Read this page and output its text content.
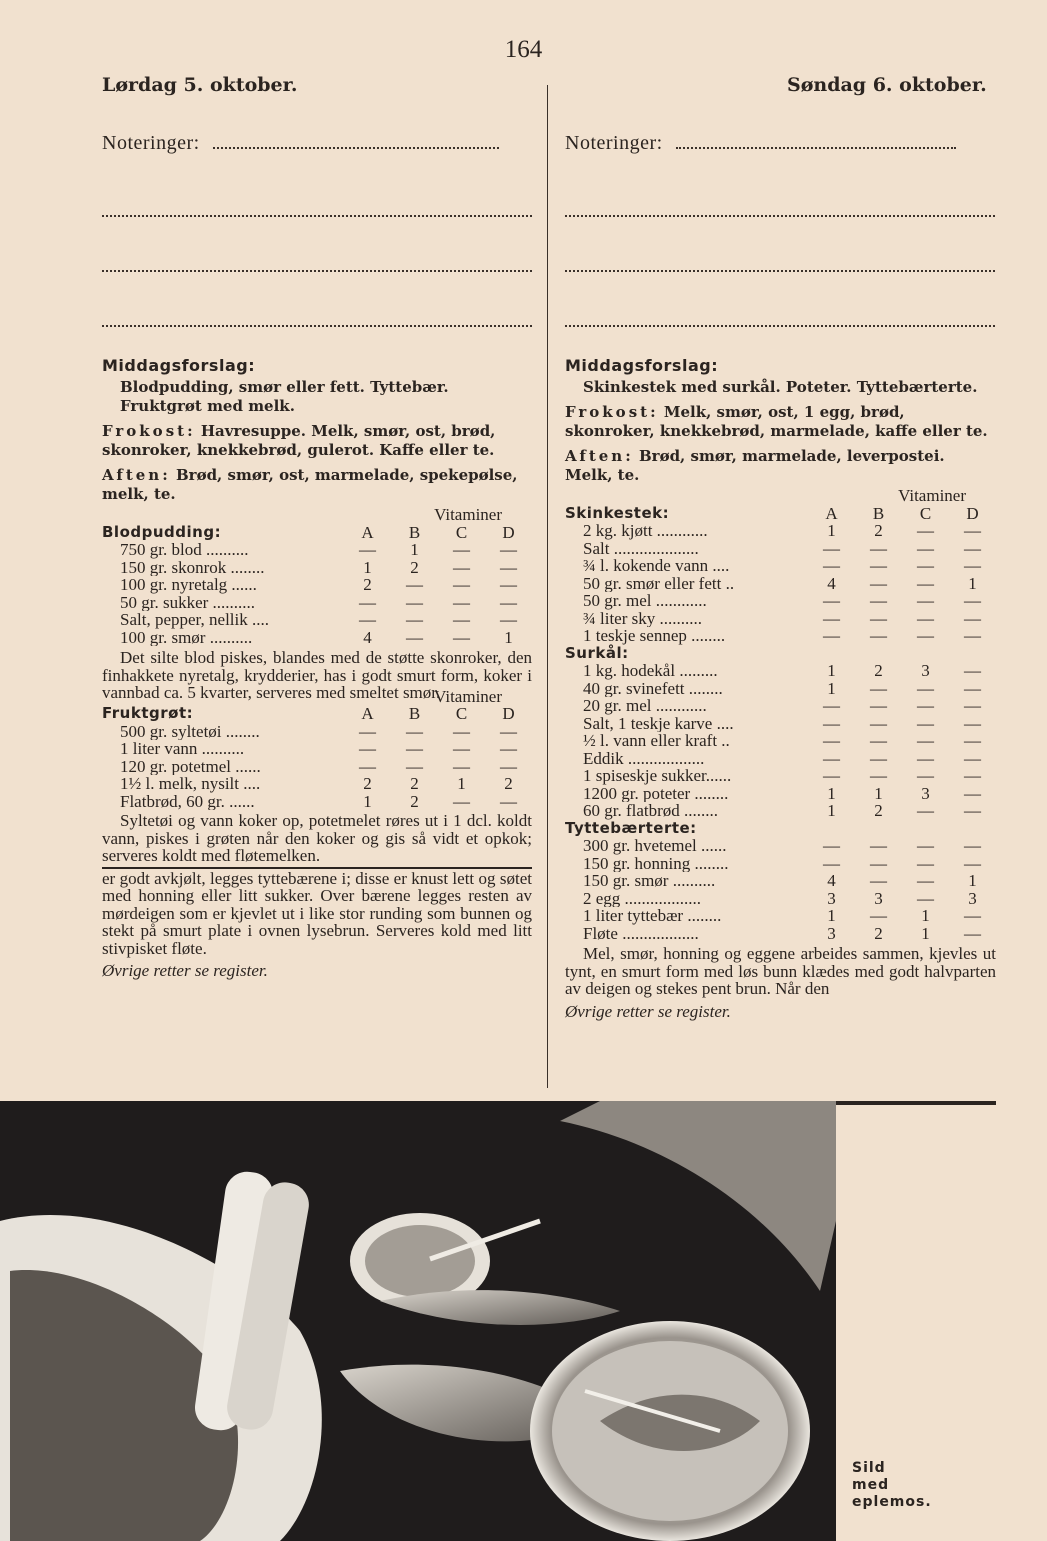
164
Lørdag 5. oktober.	Søndag 6. oktober.
Noteringer:	Noteringer:
Middagsforslag:

Blodpudding, smør eller fett. Tyttebær.

Fruktgrøt med melk.

Frokost: Havresuppe. Melk, smør, ost, brød, skonroker, knekkebrød, gulerot. Kaffe eller te.

Aften: Brød, smør, ost, marmelade, spekepølse, melk, te.

Vitaminer				
Blodpudding:	A	B	C	D
750 gr. blod ..........	—	1	—	—
150 gr. skonrok ........	1	2	—	—
100 gr. nyretalg ......	2	—	—	—
50 gr. sukker ..........	—	—	—	—
Salt, pepper, nellik ....	—	—	—	—
100 gr. smør ..........	4	—	—	1

Det silte blod piskes, blandes med de støtte skonroker, den finhakkete nyretalg, krydderier, has i godt smurt form, koker i vannbad ca. 5 kvarter, serveres med smeltet smør.

Vitaminer				
Fruktgrøt:	A	B	C	D
500 gr. syltetøi ........	—	—	—	—
1 liter vann ..........	—	—	—	—
120 gr. potetmel ......	—	—	—	—
1½ l. melk, nysilt ....	2	2	1	2
Flatbrød, 60 gr. ......	1	2	—	—

Syltetøi og vann koker op, potetmelet røres ut i 1 dcl. koldt vann, piskes i grøten når den koker og gis så vidt et opkok; serveres koldt med fløtemelken.

er godt avkjølt, legges tyttebærene i; disse er knust lett og søtet med honning eller litt sukker. Over bærene legges resten av mørdeigen som er kjevlet ut i like stor runding som bunnen og stekt på smurt plate i ovnen lysebrun. Serveres kold med litt stivpisket fløte.

Øvrige retter se register.
Middagsforslag:

Skinkestek med surkål. Poteter. Tyttebærterte.

Frokost: Melk, smør, ost, 1 egg, brød, skonroker, knekkebrød, marmelade, kaffe eller te.

Aften: Brød, smør, marmelade, leverpostei. Melk, te.

Vitaminer				
Skinkestek:	A	B	C	D
2 kg. kjøtt ............	1	2	—	—
Salt ....................	—	—	—	—
¾ l. kokende vann ....	—	—	—	—
50 gr. smør eller fett ..	4	—	—	1
50 gr. mel ............	—	—	—	—
¾ liter sky ..........	—	—	—	—
1 teskje sennep ........	—	—	—	—
Surkål:				
1 kg. hodekål .........	1	2	3	—
40 gr. svinefett ........	1	—	—	—
20 gr. mel ............	—	—	—	—
Salt, 1 teskje karve ....	—	—	—	—
½ l. vann eller kraft ..	—	—	—	—
Eddik ..................	—	—	—	—
1 spiseskje sukker......	—	—	—	—
1200 gr. poteter ........	1	1	3	—
60 gr. flatbrød ........	1	2	—	—
Tyttebærterte:				
300 gr. hvetemel ......	—	—	—	—
150 gr. honning ........	—	—	—	—
150 gr. smør ..........	4	—	—	1
2 egg ..................	3	3	—	3
1 liter tyttebær ........	1	—	1	—
Fløte ..................	3	2	1	—

Mel, smør, honning og eggene arbeides sammen, kjevles ut tynt, en smurt form med løs bunn klædes med godt halvparten av deigen og stekes pent brun. Når den

Øvrige retter se register.
Sild
med
eplemos.
